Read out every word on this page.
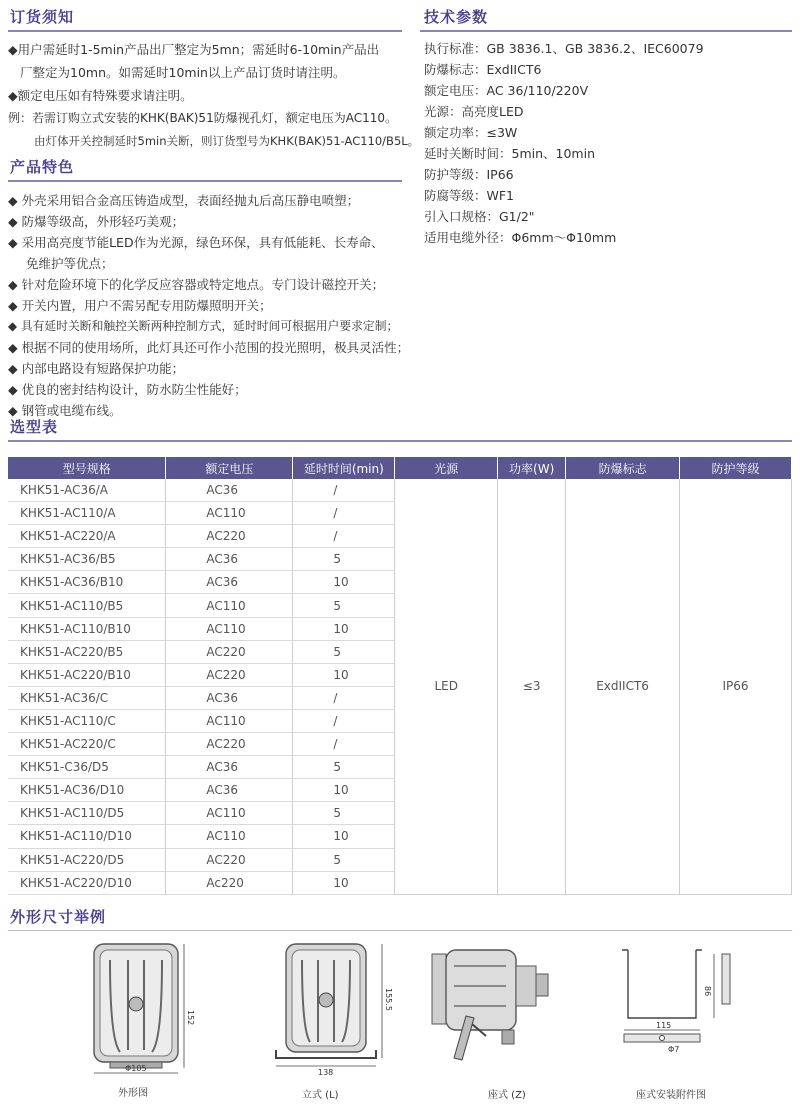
订货须知
◆用户需延时1-5min产品出厂整定为5mn；需延时6-10min产品出
厂整定为10mn。如需延时10min以上产品订货时请注明。
◆额定电压如有特殊要求请注明。
例：若需订购立式安装的KHK(BAK)51防爆视孔灯，额定电压为AC110。
由灯体开关控制延时5min关断，则订货型号为KHK(BAK)51-AC110/B5L。
产品特色
◆ 外壳采用铝合金高压铸造成型，表面经抛丸后高压静电喷塑；
◆ 防爆等级高，外形轻巧美观；
◆ 采用高亮度节能LED作为光源，绿色环保，具有低能耗、长寿命、
免维护等优点；
◆ 针对危险环境下的化学反应容器或特定地点。专门设计磁控开关；
◆ 开关内置，用户不需另配专用防爆照明开关；
◆ 具有延时关断和触控关断两种控制方式，延时时间可根据用户要求定制；
◆ 根据不同的使用场所，此灯具还可作小范围的投光照明，极具灵活性；
◆ 内部电路设有短路保护功能；
◆ 优良的密封结构设计，防水防尘性能好；
◆ 钢管或电缆布线。
技术参数
执行标准：GB 3836.1、GB 3836.2、IEC60079
防爆标志：ExdIICT6
额定电压：AC 36/110/220V
光源：高亮度LED
额定功率：≤3W
延时关断时间：5min、10min
防护等级：IP66
防腐等级：WF1
引入口规格：G1/2"
适用电缆外径：Φ6mm～Φ10mm
选型表
型号规格	额定电压	延时时间(min)	光源	功率(W)	防爆标志	防护等级
KHK51-AC36/A	AC36	/	LED	≤3	ExdIICT6	IP66
KHK51-AC110/A	AC110	/				
KHK51-AC220/A	AC220	/				
KHK51-AC36/B5	AC36	5				
KHK51-AC36/B10	AC36	10				
KHK51-AC110/B5	AC110	5				
KHK51-AC110/B10	AC110	10				
KHK51-AC220/B5	AC220	5				
KHK51-AC220/B10	AC220	10				
KHK51-AC36/C	AC36	/				
KHK51-AC110/C	AC110	/				
KHK51-AC220/C	AC220	/				
KHK51-C36/D5	AC36	5				
KHK51-AC36/D10	AC36	10				
KHK51-AC110/D5	AC110	5				
KHK51-AC110/D10	AC110	10				
KHK51-AC220/D5	AC220	5				
KHK51-AC220/D10	Ac220	10				
外形尺寸举例
152
Φ105
外形图
155.5
138
立式 (L)	座式 (Z)
86
115
Φ7
座式安装附件图
